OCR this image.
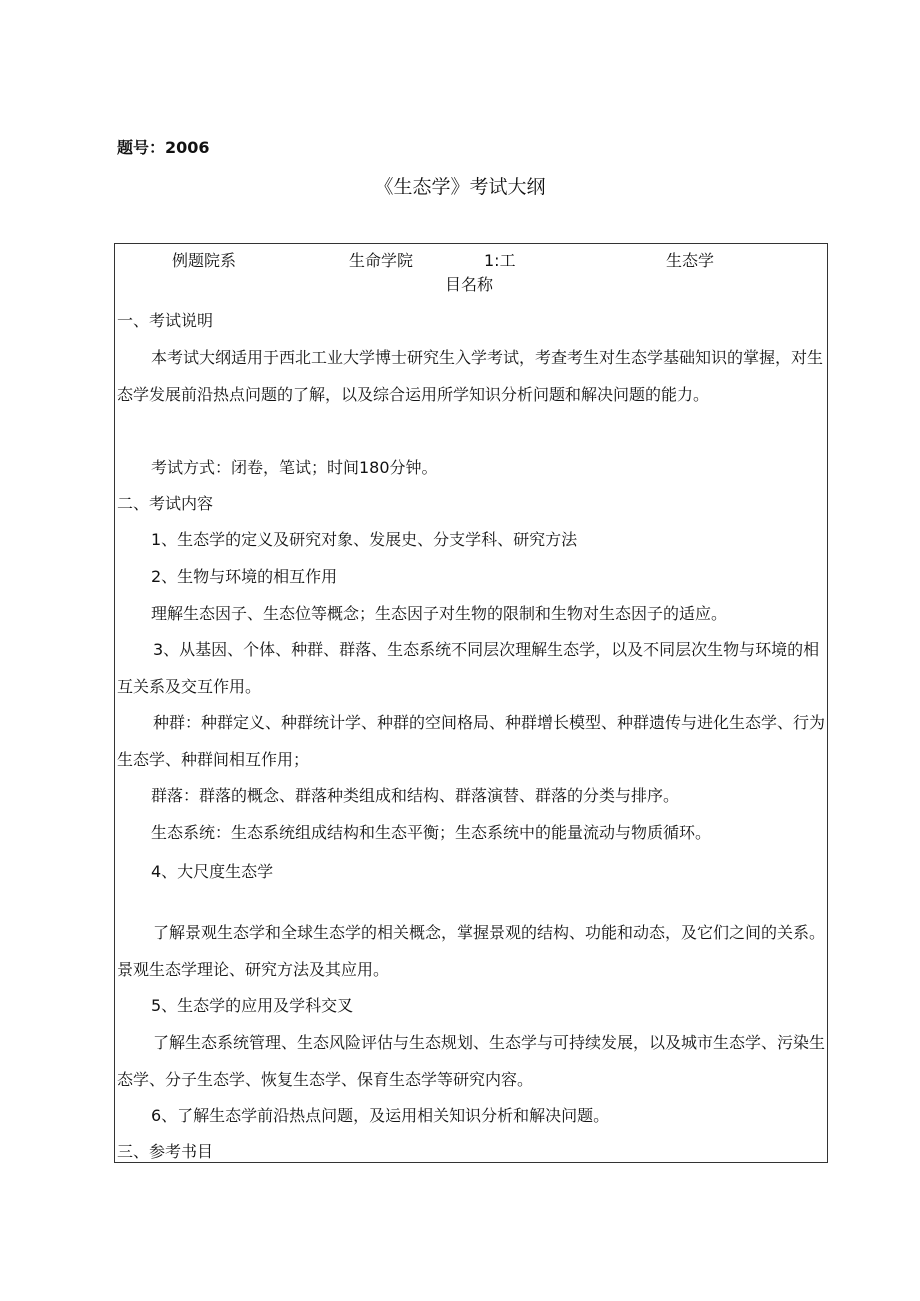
题号：2006
《生态学》考试大纲
例题院系	生命学院	1:工
目名称
生态学
一、考试说明
本考试大纲适用于西北工业大学博士研究生入学考试，考查考生对生态学基础知识的掌握，对生态学发展前沿热点问题的了解，以及综合运用所学知识分析问题和解决问题的能力。
考试方式：闭卷，笔试；时间180分钟。
二、考试内容
1、生态学的定义及研究对象、发展史、分支学科、研究方法
2、生物与环境的相互作用
理解生态因子、生态位等概念；生态因子对生物的限制和生物对生态因子的适应。
3、从基因、个体、种群、群落、生态系统不同层次理解生态学，以及不同层次生物与环境的相互关系及交互作用。
种群：种群定义、种群统计学、种群的空间格局、种群增长模型、种群遗传与进化生态学、行为生态学、种群间相互作用；
群落：群落的概念、群落种类组成和结构、群落演替、群落的分类与排序。
生态系统：生态系统组成结构和生态平衡；生态系统中的能量流动与物质循环。
4、大尺度生态学
了解景观生态学和全球生态学的相关概念，掌握景观的结构、功能和动态，及它们之间的关系。景观生态学理论、研究方法及其应用。
5、生态学的应用及学科交叉
了解生态系统管理、生态风险评估与生态规划、生态学与可持续发展，以及城市生态学、污染生态学、分子生态学、恢复生态学、保育生态学等研究内容。
6、了解生态学前沿热点问题，及运用相关知识分析和解决问题。
三、参考书目
